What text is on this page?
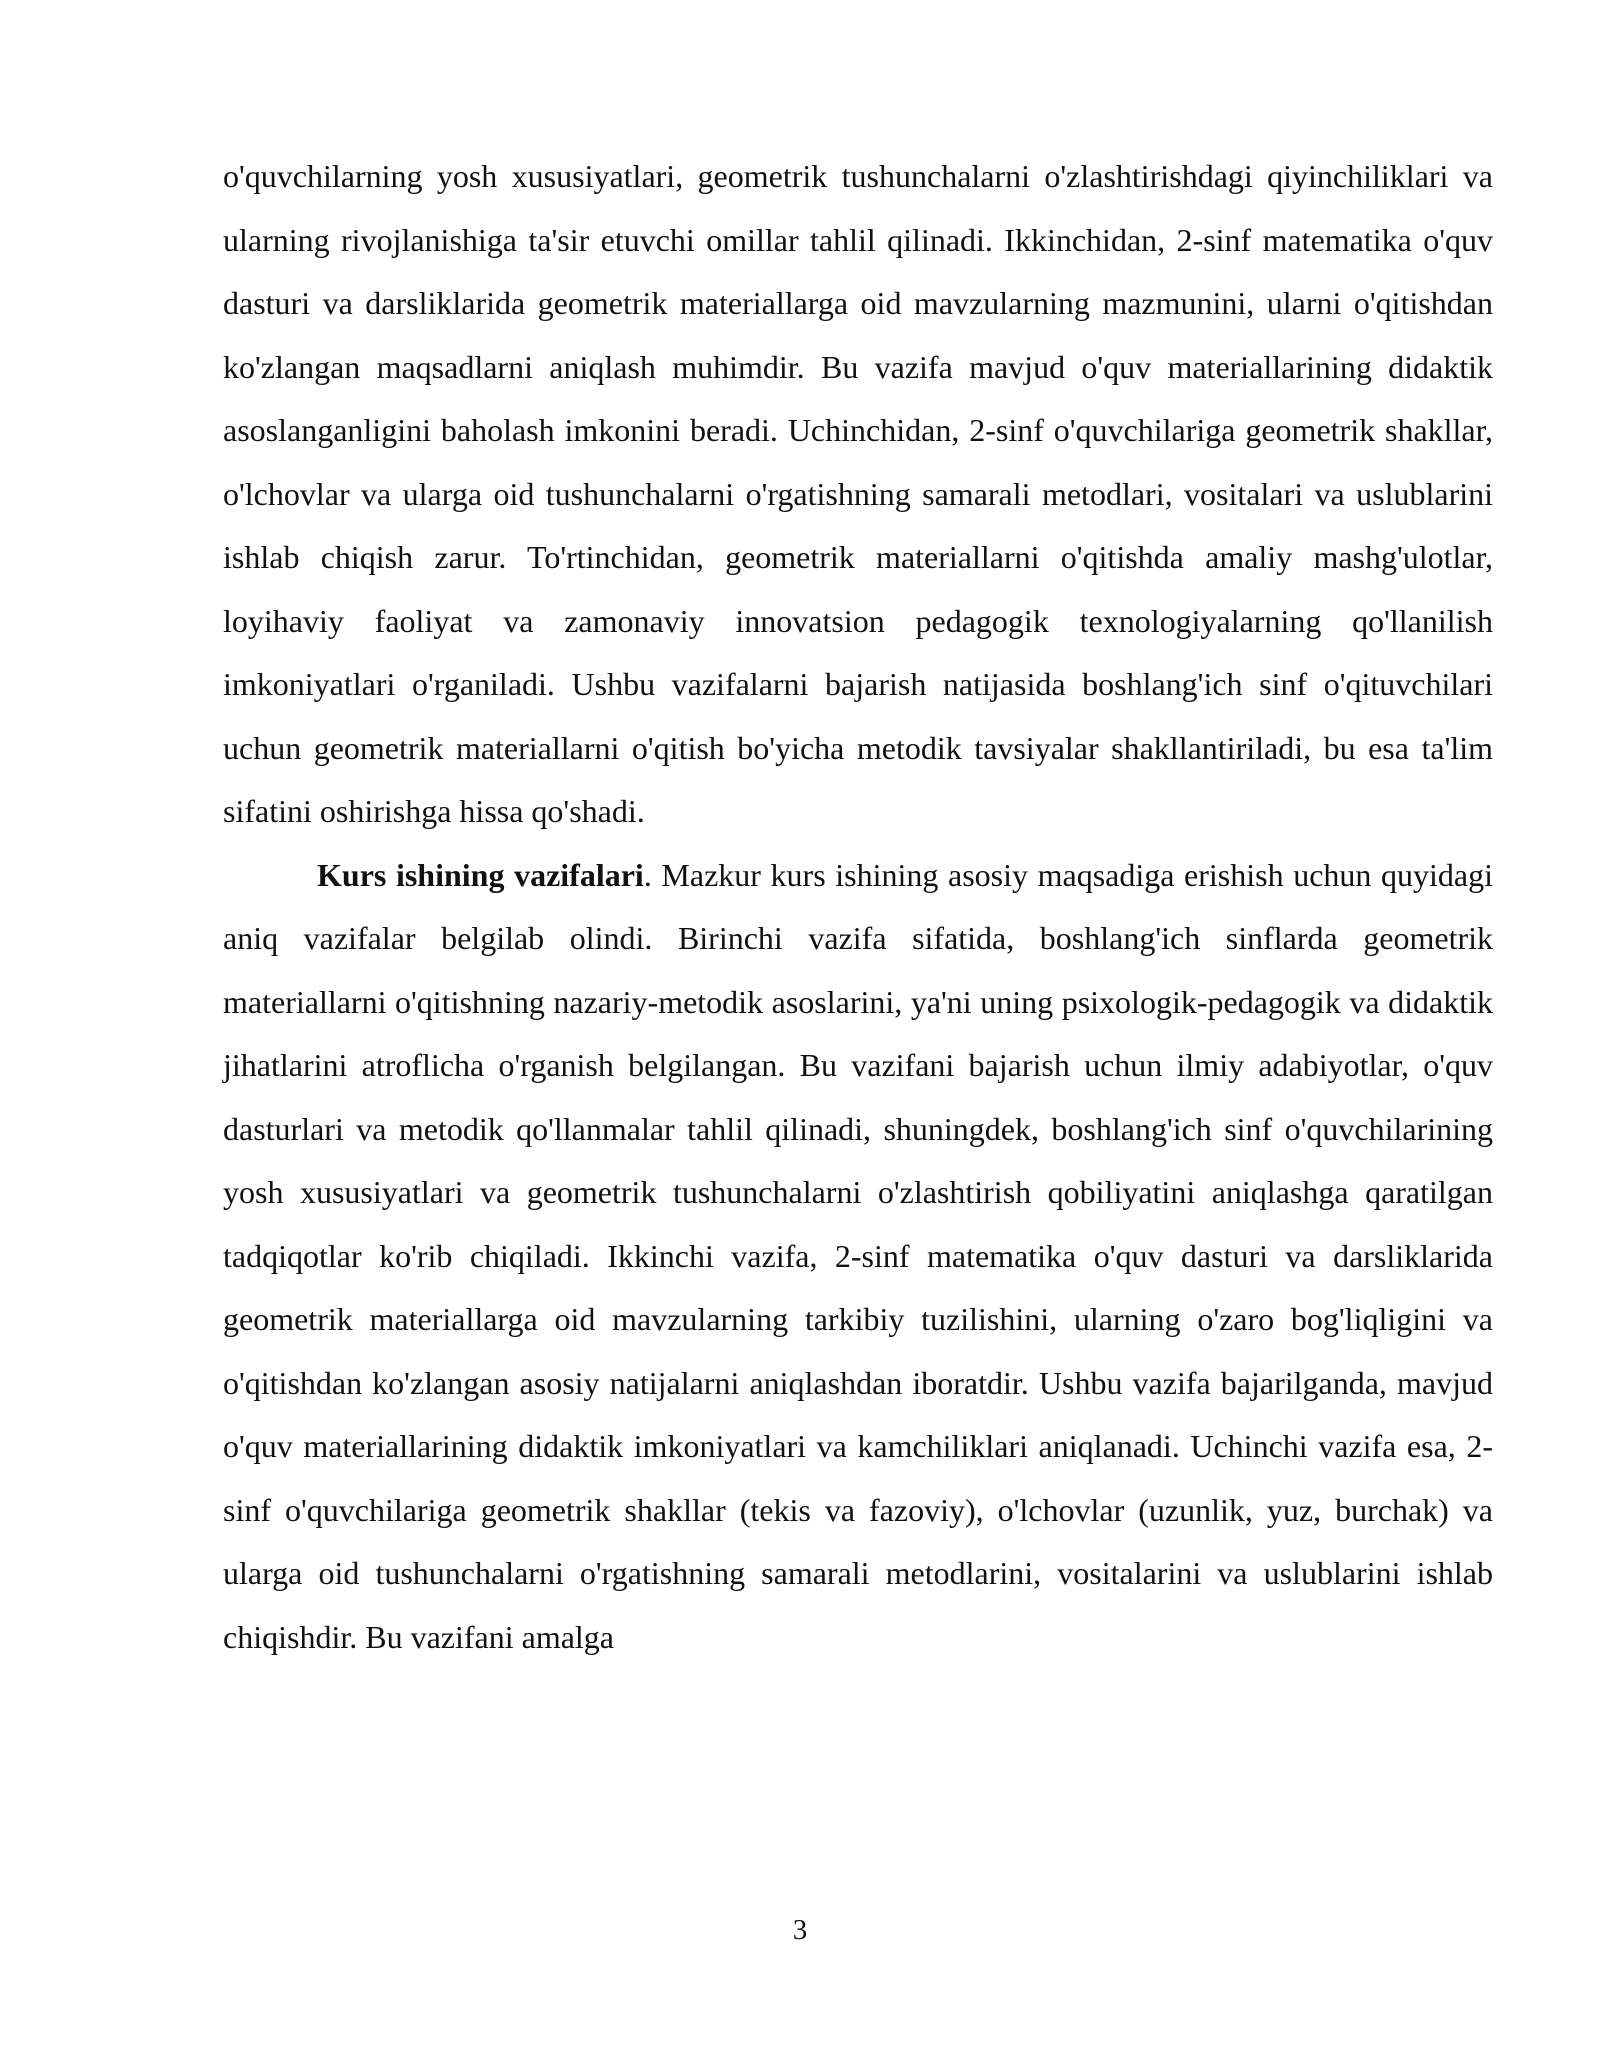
o'quvchilarning yosh xususiyatlari, geometrik tushunchalarni o'zlashtirishdagi qiyinchiliklari va ularning rivojlanishiga ta'sir etuvchi omillar tahlil qilinadi. Ikkinchidan, 2-sinf matematika o'quv dasturi va darsliklarida geometrik materiallarga oid mavzularning mazmunini, ularni o'qitishdan ko'zlangan maqsadlarni aniqlash muhimdir. Bu vazifa mavjud o'quv materiallarining didaktik asoslanganligini baholash imkonini beradi. Uchinchidan, 2-sinf o'quvchilariga geometrik shakllar, o'lchovlar va ularga oid tushunchalarni o'rgatishning samarali metodlari, vositalari va uslublarini ishlab chiqish zarur. To'rtinchidan, geometrik materiallarni o'qitishda amaliy mashg'ulotlar, loyihaviy faoliyat va zamonaviy innovatsion pedagogik texnologiyalarning qo'llanilish imkoniyatlari o'rganiladi. Ushbu vazifalarni bajarish natijasida boshlang'ich sinf o'qituvchilari uchun geometrik materiallarni o'qitish bo'yicha metodik tavsiyalar shakllantiriladi, bu esa ta'lim sifatini oshirishga hissa qo'shadi.

Kurs ishining vazifalari. Mazkur kurs ishining asosiy maqsadiga erishish uchun quyidagi aniq vazifalar belgilab olindi. Birinchi vazifa sifatida, boshlang'ich sinflarda geometrik materiallarni o'qitishning nazariy-metodik asoslarini, ya'ni uning psixologik-pedagogik va didaktik jihatlarini atroflicha o'rganish belgilangan. Bu vazifani bajarish uchun ilmiy adabiyotlar, o'quv dasturlari va metodik qo'llanmalar tahlil qilinadi, shuningdek, boshlang'ich sinf o'quvchilarining yosh xususiyatlari va geometrik tushunchalarni o'zlashtirish qobiliyatini aniqlashga qaratilgan tadqiqotlar ko'rib chiqiladi. Ikkinchi vazifa, 2-sinf matematika o'quv dasturi va darsliklarida geometrik materiallarga oid mavzularning tarkibiy tuzilishini, ularning o'zaro bog'liqligini va o'qitishdan ko'zlangan asosiy natijalarni aniqlashdan iboratdir. Ushbu vazifa bajarilganda, mavjud o'quv materiallarining didaktik imkoniyatlari va kamchiliklari aniqlanadi. Uchinchi vazifa esa, 2-sinf o'quvchilariga geometrik shakllar (tekis va fazoviy), o'lchovlar (uzunlik, yuz, burchak) va ularga oid tushunchalarni o'rgatishning samarali metodlarini, vositalarini va uslublarini ishlab chiqishdir. Bu vazifani amalga

3
